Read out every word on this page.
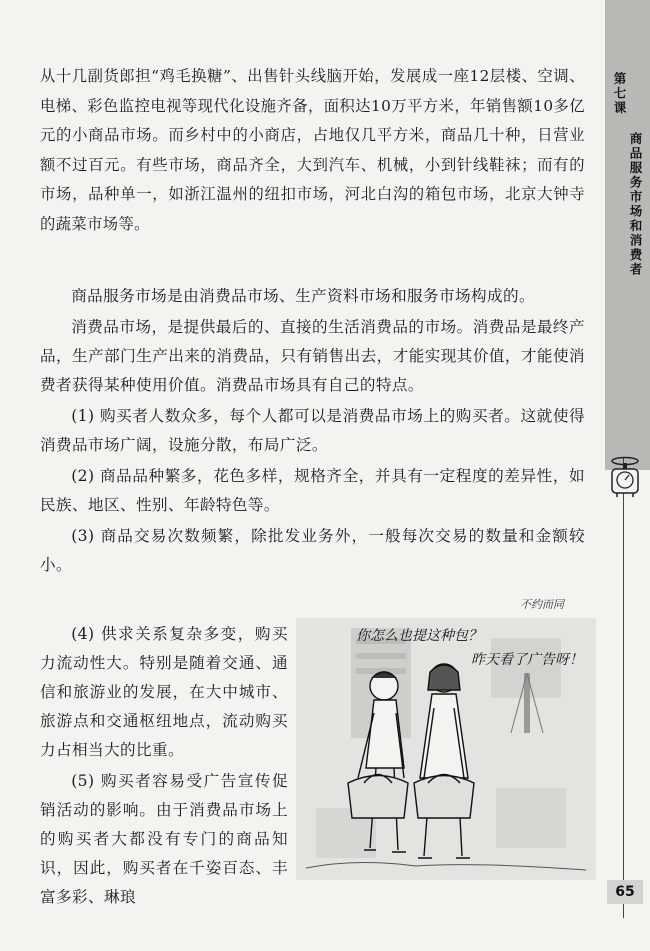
第七课
商品服务市场和消费者

从十几副货郎担“鸡毛换糖”、出售针头线脑开始，发展成一座12层楼、空调、电梯、彩色监控电视等现代化设施齐备，面积达10万平方米，年销售额10多亿元的小商品市场。而乡村中的小商店，占地仅几平方米，商品几十种，日营业额不过百元。有些市场，商品齐全，大到汽车、机械，小到针线鞋袜；而有的市场，品种单一，如浙江温州的纽扣市场，河北白沟的箱包市场，北京大钟寺的蔬菜市场等。

商品服务市场是由消费品市场、生产资料市场和服务市场构成的。

消费品市场，是提供最后的、直接的生活消费品的市场。消费品是最终产品，生产部门生产出来的消费品，只有销售出去，才能实现其价值，才能使消费者获得某种使用价值。消费品市场具有自己的特点。

(1) 购买者人数众多，每个人都可以是消费品市场上的购买者。这就使得消费品市场广阔，设施分散，布局广泛。

(2) 商品品种繁多，花色多样，规格齐全，并具有一定程度的差异性，如民族、地区、性别、年龄特色等。

(3) 商品交易次数频繁，除批发业务外，一般每次交易的数量和金额较小。

(4) 供求关系复杂多变，购买力流动性大。特别是随着交通、通信和旅游业的发展，在大中城市、旅游点和交通枢纽地点，流动购买力占相当大的比重。

(5) 购买者容易受广告宣传促销活动的影响。由于消费品市场上的购买者大都没有专门的商品知识，因此，购买者在千姿百态、丰富多彩、琳琅

不约而同
你怎么也提这种包？
昨天看了广告呀！
65
